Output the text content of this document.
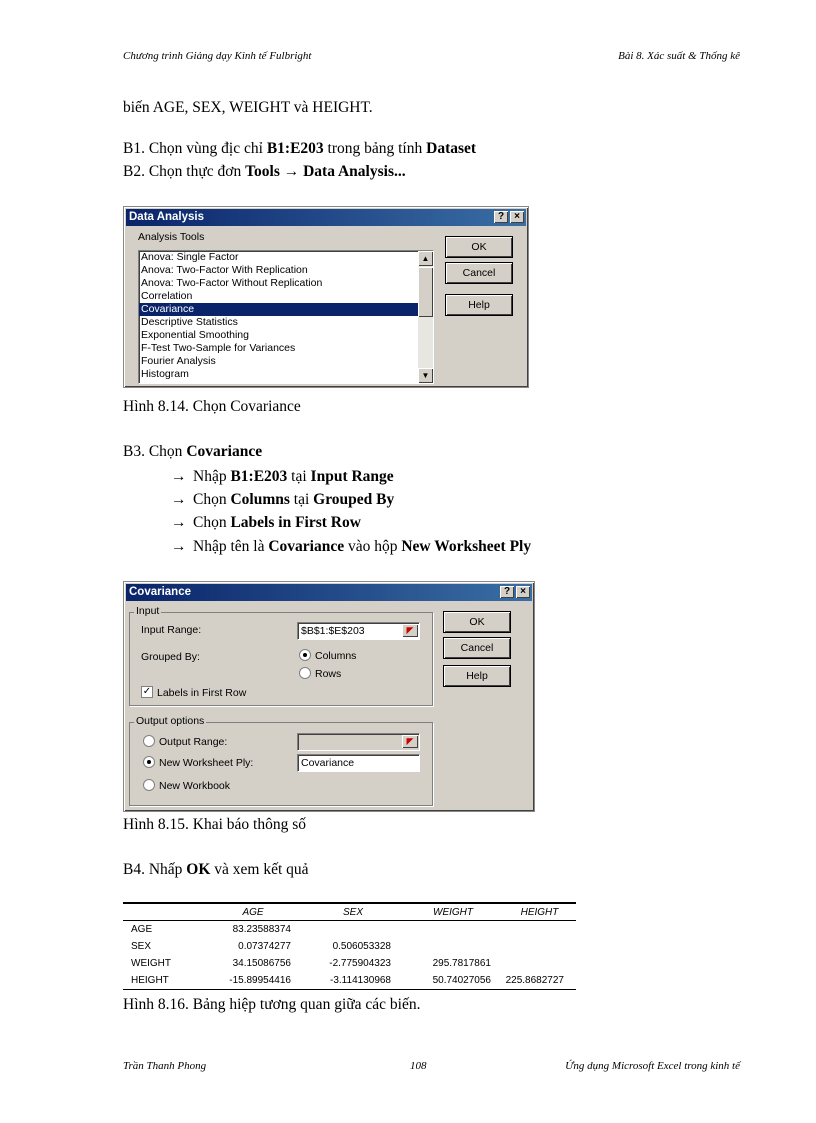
Chương trình Giảng dạy Kinh tế Fulbright	Bài 8. Xác suất & Thống kê
biến AGE, SEX, WEIGHT và HEIGHT.
B1. Chọn vùng địc chỉ B1:E203 trong bảng tính Dataset
B2. Chọn thực đơn Tools → Data Analysis...
Data Analysis	?	×
Analysis Tools
Anova: Single Factor
Anova: Two-Factor With Replication
Anova: Two-Factor Without Replication
Correlation
Covariance
Descriptive Statistics
Exponential Smoothing
F-Test Two-Sample for Variances
Fourier Analysis
Histogram
▲
▼
OK
Cancel
Help
Hình 8.14. Chọn Covariance
B3. Chọn Covariance
→ Nhập B1:E203 tại Input Range
→ Chọn Columns tại Grouped By
→ Chọn Labels in First Row
→ Nhập tên là Covariance vào hộp New Worksheet Ply
Covariance	?	×
Input
Input Range:	$B$1:$E$203	◤
Grouped By:	Columns
Rows
✓ Labels in First Row
Output options
Output Range:	◤
New Worksheet Ply:	Covariance
New Workbook
OK
Cancel
Help
Hình 8.15. Khai báo thông số
B4. Nhấp OK và xem kết quả
	AGE	SEX	WEIGHT	HEIGHT
AGE	83.23588374			
SEX	0.07374277	0.506053328		
WEIGHT	34.15086756	-2.775904323	295.7817861	
HEIGHT	-15.89954416	-3.114130968	50.74027056	225.8682727
Hình 8.16. Bảng hiệp tương quan giữa các biến.
Trần Thanh Phong	108	Ứng dụng Microsoft Excel trong kinh tế
